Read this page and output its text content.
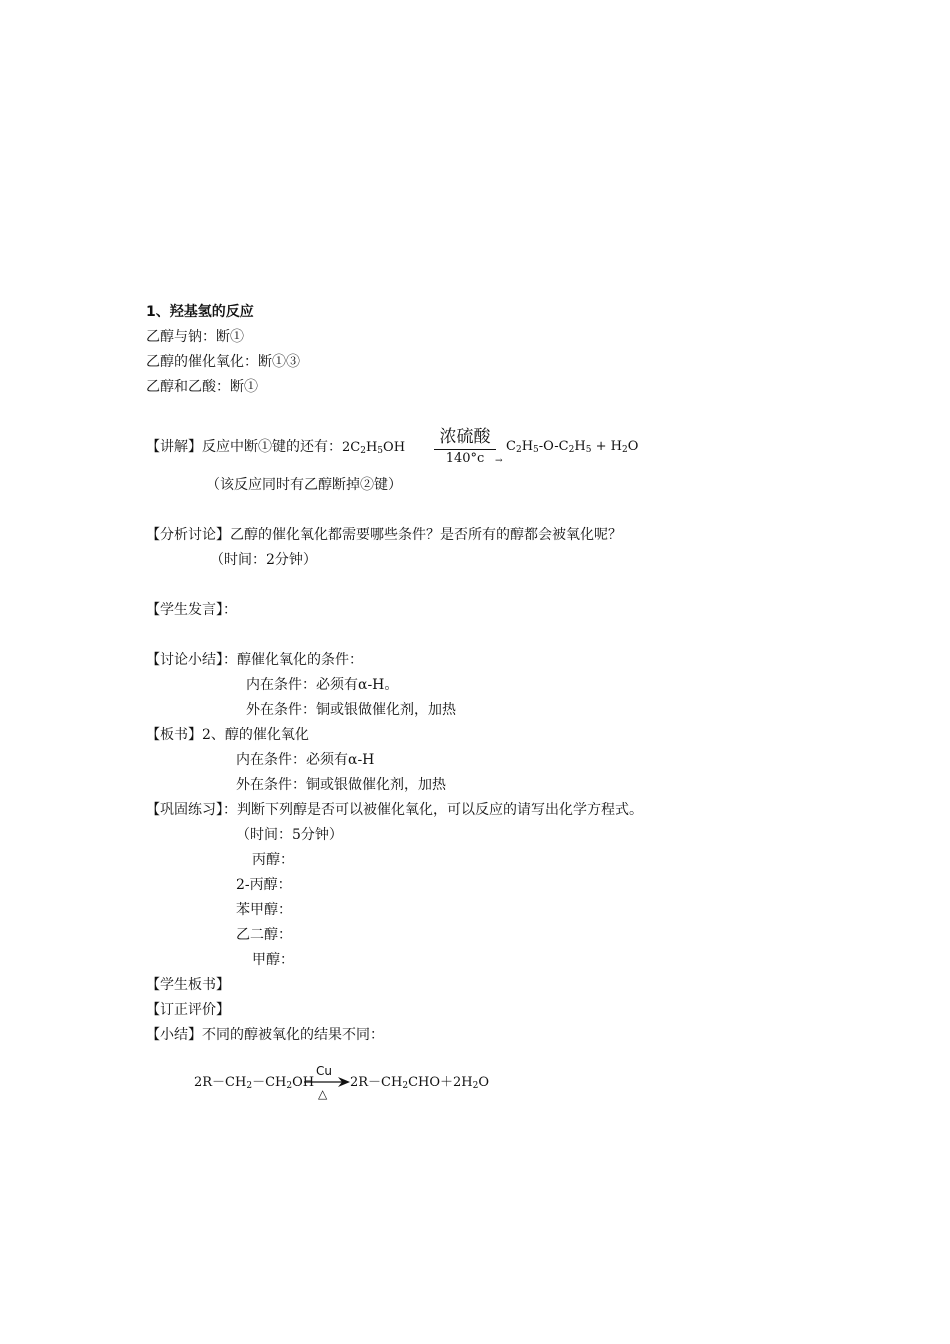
1、羟基氢的反应
乙醇与钠：断①
乙醇的催化氧化：断①③
乙醇和乙酸：断①
【讲解】反应中断①键的还有：$2C_2H_5OH$
浓硫酸
140°c	→
$C_2H_5-O-C_2H_5 + H_2O$
（该反应同时有乙醇断掉②键）
【分析讨论】乙醇的催化氧化都需要哪些条件？是否所有的醇都会被氧化呢？
（时间：2分钟）
【学生发言】：
【讨论小结】：醇催化氧化的条件：
内在条件：必须有α-H。
外在条件：铜或银做催化剂，加热
【板书】2、醇的催化氧化
内在条件：必须有α-H
外在条件：铜或银做催化剂，加热
【巩固练习】：判断下列醇是否可以被催化氧化，可以反应的请写出化学方程式。
（时间：5分钟）
丙醇：
2-丙醇：
苯甲醇：
乙二醇：
甲醇：
【学生板书】
【订正评价】
【小结】不同的醇被氧化的结果不同：
$2R-CH_2-CH_2OH$
Cu
△
$2R-CH_2CHO+2H_2O$
